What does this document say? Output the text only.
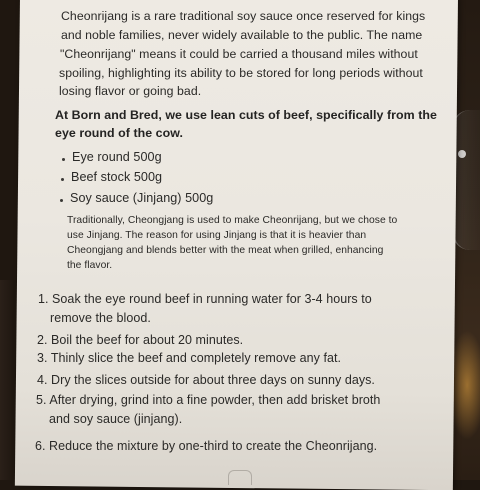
Cheonrijang is a rare traditional soy sauce once reserved for kings
and noble families, never widely available to the public. The name
"Cheonrijang" means it could be carried a thousand miles without
spoiling, highlighting its ability to be stored for long periods without
losing flavor or going bad.
At Born and Bred, we use lean cuts of beef, specifically from the
eye round of the cow.
Eye round 500g
Beef stock 500g
Soy sauce (Jinjang) 500g
Traditionally, Cheongjang is used to make Cheonrijang, but we chose to
use Jinjang. The reason for using Jinjang is that it is heavier than
Cheongjang and blends better with the meat when grilled, enhancing
the flavor.
1. Soak the eye round beef in running water for 3-4 hours to
remove the blood.
2. Boil the beef for about 20 minutes.
3. Thinly slice the beef and completely remove any fat.
4. Dry the slices outside for about three days on sunny days.
5. After drying, grind into a fine powder, then add brisket broth
and soy sauce (jinjang).
6. Reduce the mixture by one-third to create the Cheonrijang.
